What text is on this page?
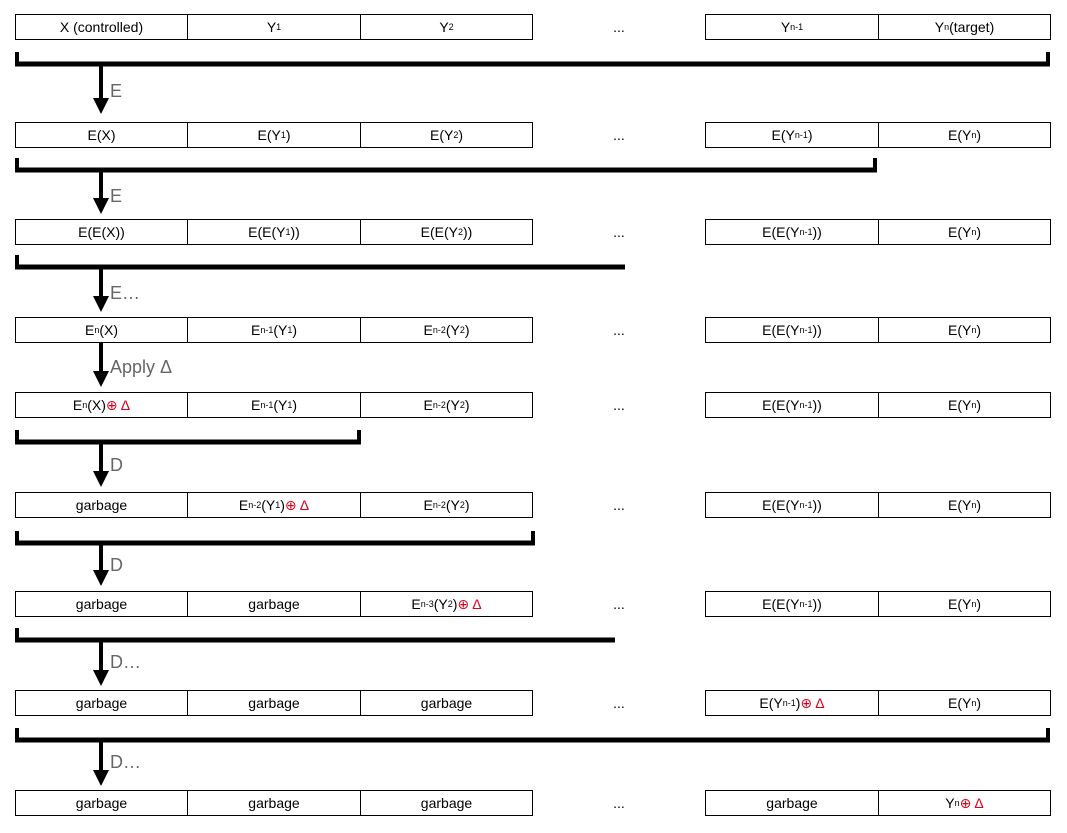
X (controlled)	Y 1	Y 2	...	Y n-1	Y n (target)
E(X)	E(Y 1 )	E(Y 2 )	...	E(Y n-1 )	E(Y n )
E(E(X))	E(E(Y 1 ))	E(E(Y 2 ))	...	E(E(Y n-1 ))	E(Y n )
E n (X)	E n-1 (Y 1 )	E n-2 (Y 2 )	...	E(E(Y n-1 ))	E(Y n )
E n (X) ⊕ Δ	E n-1 (Y 1 )	E n-2 (Y 2 )	...	E(E(Y n-1 ))	E(Y n )
garbage	E n-2 (Y 1 ) ⊕ Δ	E n-2 (Y 2 )	...	E(E(Y n-1 ))	E(Y n )
garbage	garbage	E n-3 (Y 2 ) ⊕ Δ	...	E(E(Y n-1 ))	E(Y n )
garbage	garbage	garbage	...	E(Y n-1 ) ⊕ Δ	E(Y n )
garbage	garbage	garbage	...	garbage	Y n ⊕ Δ
E
E
E…
Apply Δ
D
D
D…
D…
